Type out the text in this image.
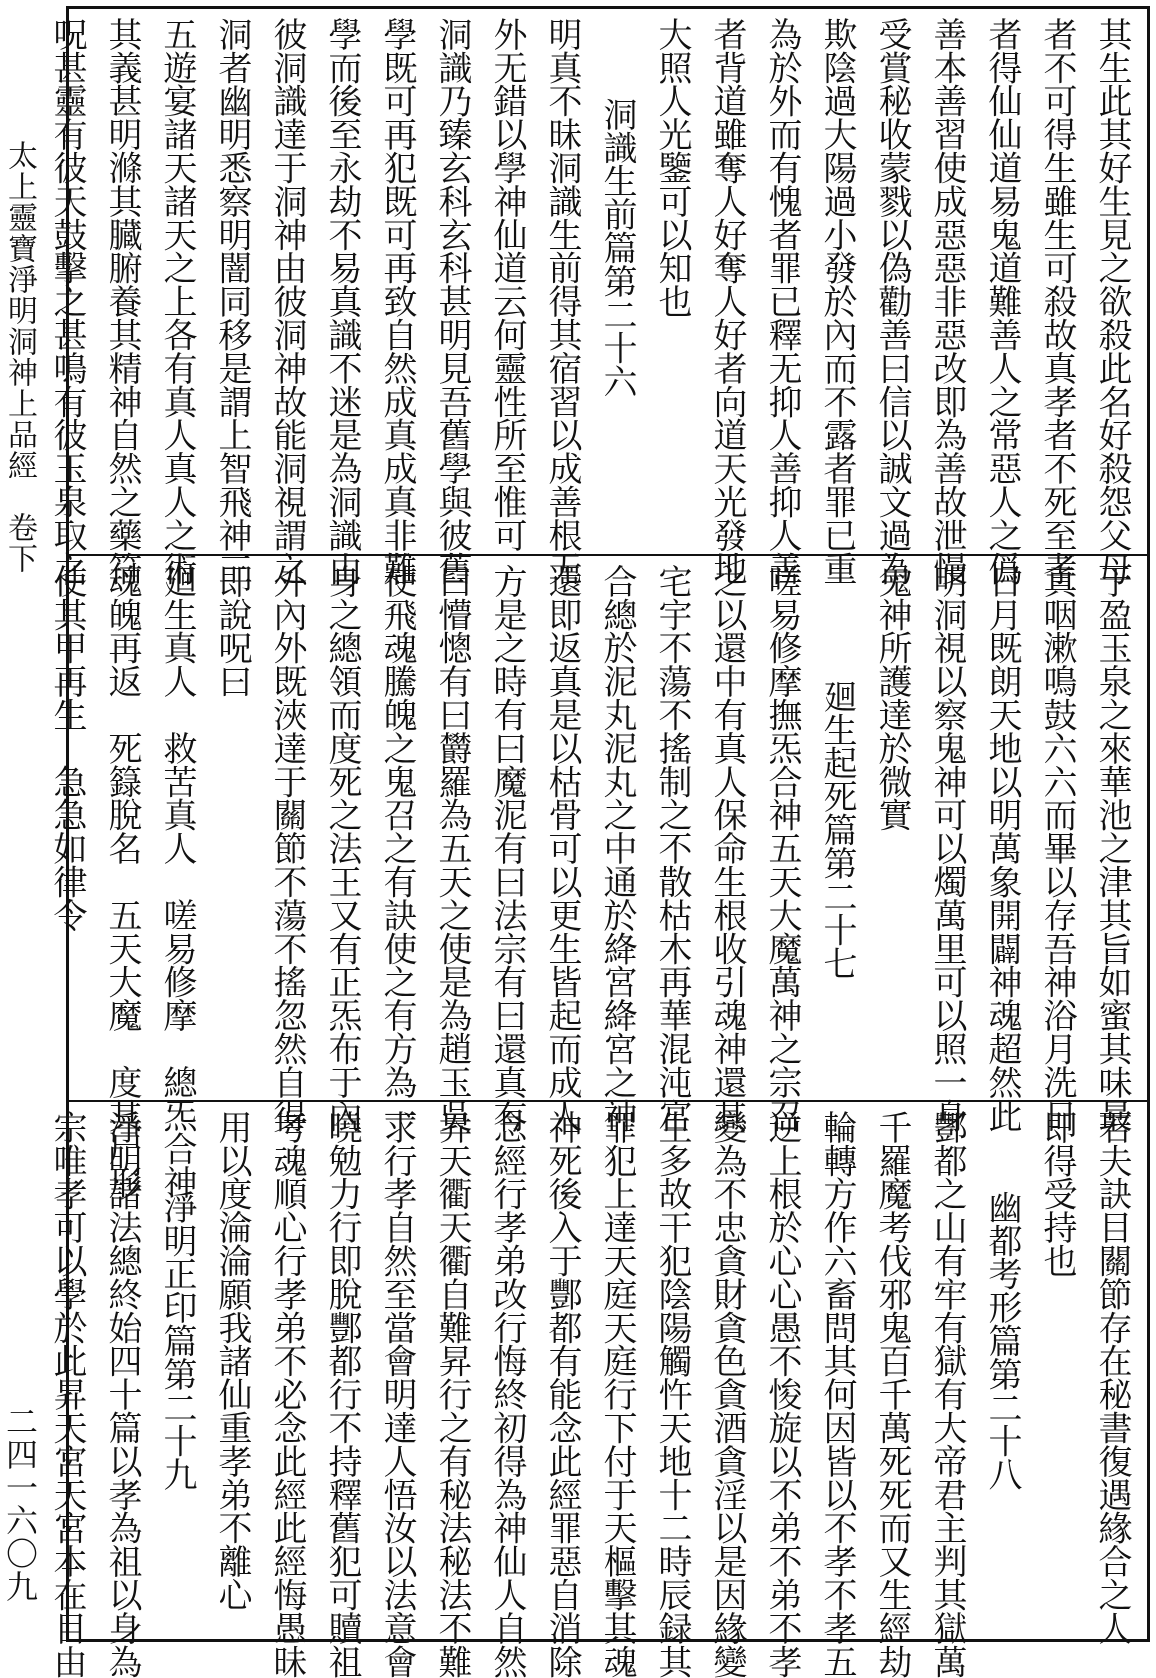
太上靈寶淨明洞神上品經　卷下
二四一六〇九
其生此其好生見之欲殺此名好殺怨父母
者不可得生雖生可殺故真孝者不死至孝
者得仙仙道易鬼道難善人之常惡人之僞
善本善習使成惡惡非惡改即為善故泄慢
受賞秘收蒙戮以偽勸善曰信以誠文過為
欺陰過大陽過小發於內而不露者罪已重
為於外而有愧者罪已釋无抑人善抑人善
者背道雖奪人好奪人好者向道天光發地
大照人光鑒可以知也
洞識生前篇第二十六
明真不昧洞識生前得其宿習以成善根无
外无錯以學神仙道云何靈性所至惟可
洞識乃臻玄科玄科甚明見吾舊學與彼舊
學既可再犯既可再致自然成真成真非難
學而後至永劫不易真識不迷是為洞識由
彼洞識達于洞神由彼洞神故能洞視謂之
洞者幽明悉察明闇同移是謂上智飛神三
五遊宴諸天諸天之上各有真人真人之術
其義甚明滌其臓腑養其精神自然之藥符
呪甚靈有彼天鼓擊之甚鳴有彼玉泉取之
于盈玉泉之來華池之津其旨如蜜其味最
真咽漱鳴鼓六六而畢以存吾神浴月洗日
日月既朗天地以明萬象開闢神魂超然此
明洞視以察鬼神可以燭萬里可以照一身
鬼神所護達於微實
廻生起死篇第二十七
嗟易修摩撫炁合神五天大魔萬神之宗召
之以還中有真人保命生根收引魂神還其
宅宇不蕩不搖制之不散枯木再華混沌宮
合總於泥丸泥丸之中通於絳宮絳宮之神
還即返真是以枯骨可以更生皆起而成人
方是之時有曰魔泥有曰法宗有曰還真有
曰懵憁有曰欝羅為五天之使是為趙玉吳
使飛魂騰魄之鬼召之有訣使之有方為一
身之總領而度死之法王又有正炁布于內
外內外既浹達于關節不蕩不搖忽然自得
即說呪曰
廻生真人　救苦真人　嗟易修摩　總炁合神
魂魄再返　死籙脫名　五天大魔　度其尸形
使其甲再生　急急如律令
若夫訣目關節存在秘書復遇緣合之人
即得受持也
幽都考形篇第二十八
酆都之山有牢有獄有大帝君主判其獄萬
千羅魔考伐邪鬼百千萬死死而又生經劫
輪轉方作六畜問其何因皆以不孝不孝五
逆上根於心心愚不悛旋以不弟不弟不孝
變為不忠貪財貪色貪酒貪淫以是因緣變
生多故干犯陰陽觸忤天地十二時辰録其
罪犯上達天庭天庭行下付于天樞擊其魂
神死後入于酆都有能念此經罪惡自消除
念經行孝弟改行悔終初得為神仙人自然
昇天衢天衢自難昇行之有秘法秘法不難
求行孝自然至當會明達人悟汝以法意會
曉勉力行即脫酆都行不持釋舊犯可贖祖
考魂順心行孝弟不必念此經此經悔愚昧
用以度淪淪願我諸仙重孝弟不離心
淨明正印篇第二十九
淨明諸法總終始四十篇以孝為祖以身為
宗唯孝可以學於此昇天宮天宮本在目由
